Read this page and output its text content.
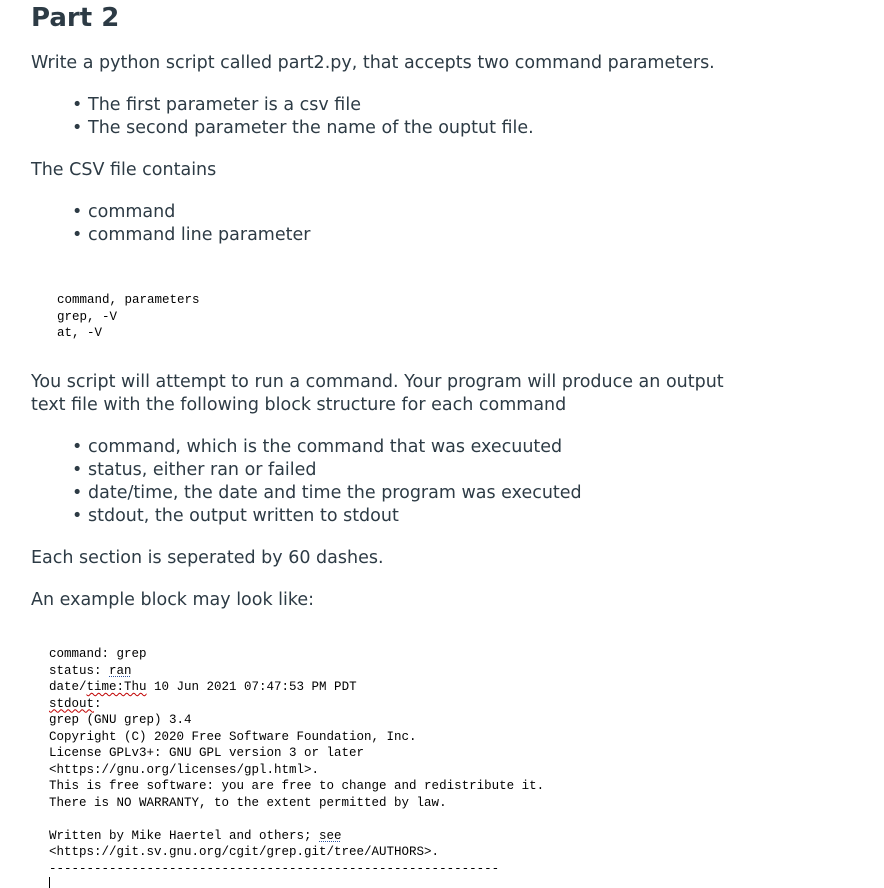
Part 2

Write a python script called part2.py, that accepts two command parameters.

• The first parameter is a csv file
• The second parameter the name of the ouptut file.

The CSV file contains

• command
• command line parameter
command, parameters
grep, -V
at, -V

You script will attempt to run a command. Your program will produce an output text file with the following block structure for each command

• command, which is the command that was execuuted
• status, either ran or failed
• date/time, the date and time the program was executed
• stdout, the output written to stdout

Each section is seperated by 60 dashes.

An example block may look like:

command: grep
status: ran
date/time:Thu 10 Jun 2021 07:47:53 PM PDT
stdout:
grep (GNU grep) 3.4
Copyright (C) 2020 Free Software Foundation, Inc.
License GPLv3+: GNU GPL version 3 or later
<https://gnu.org/licenses/gpl.html>.
This is free software: you are free to change and redistribute it.
There is NO WARRANTY, to the extent permitted by law.

Written by Mike Haertel and others; see
<https://git.sv.gnu.org/cgit/grep.git/tree/AUTHORS>.
------------------------------------------------------------
